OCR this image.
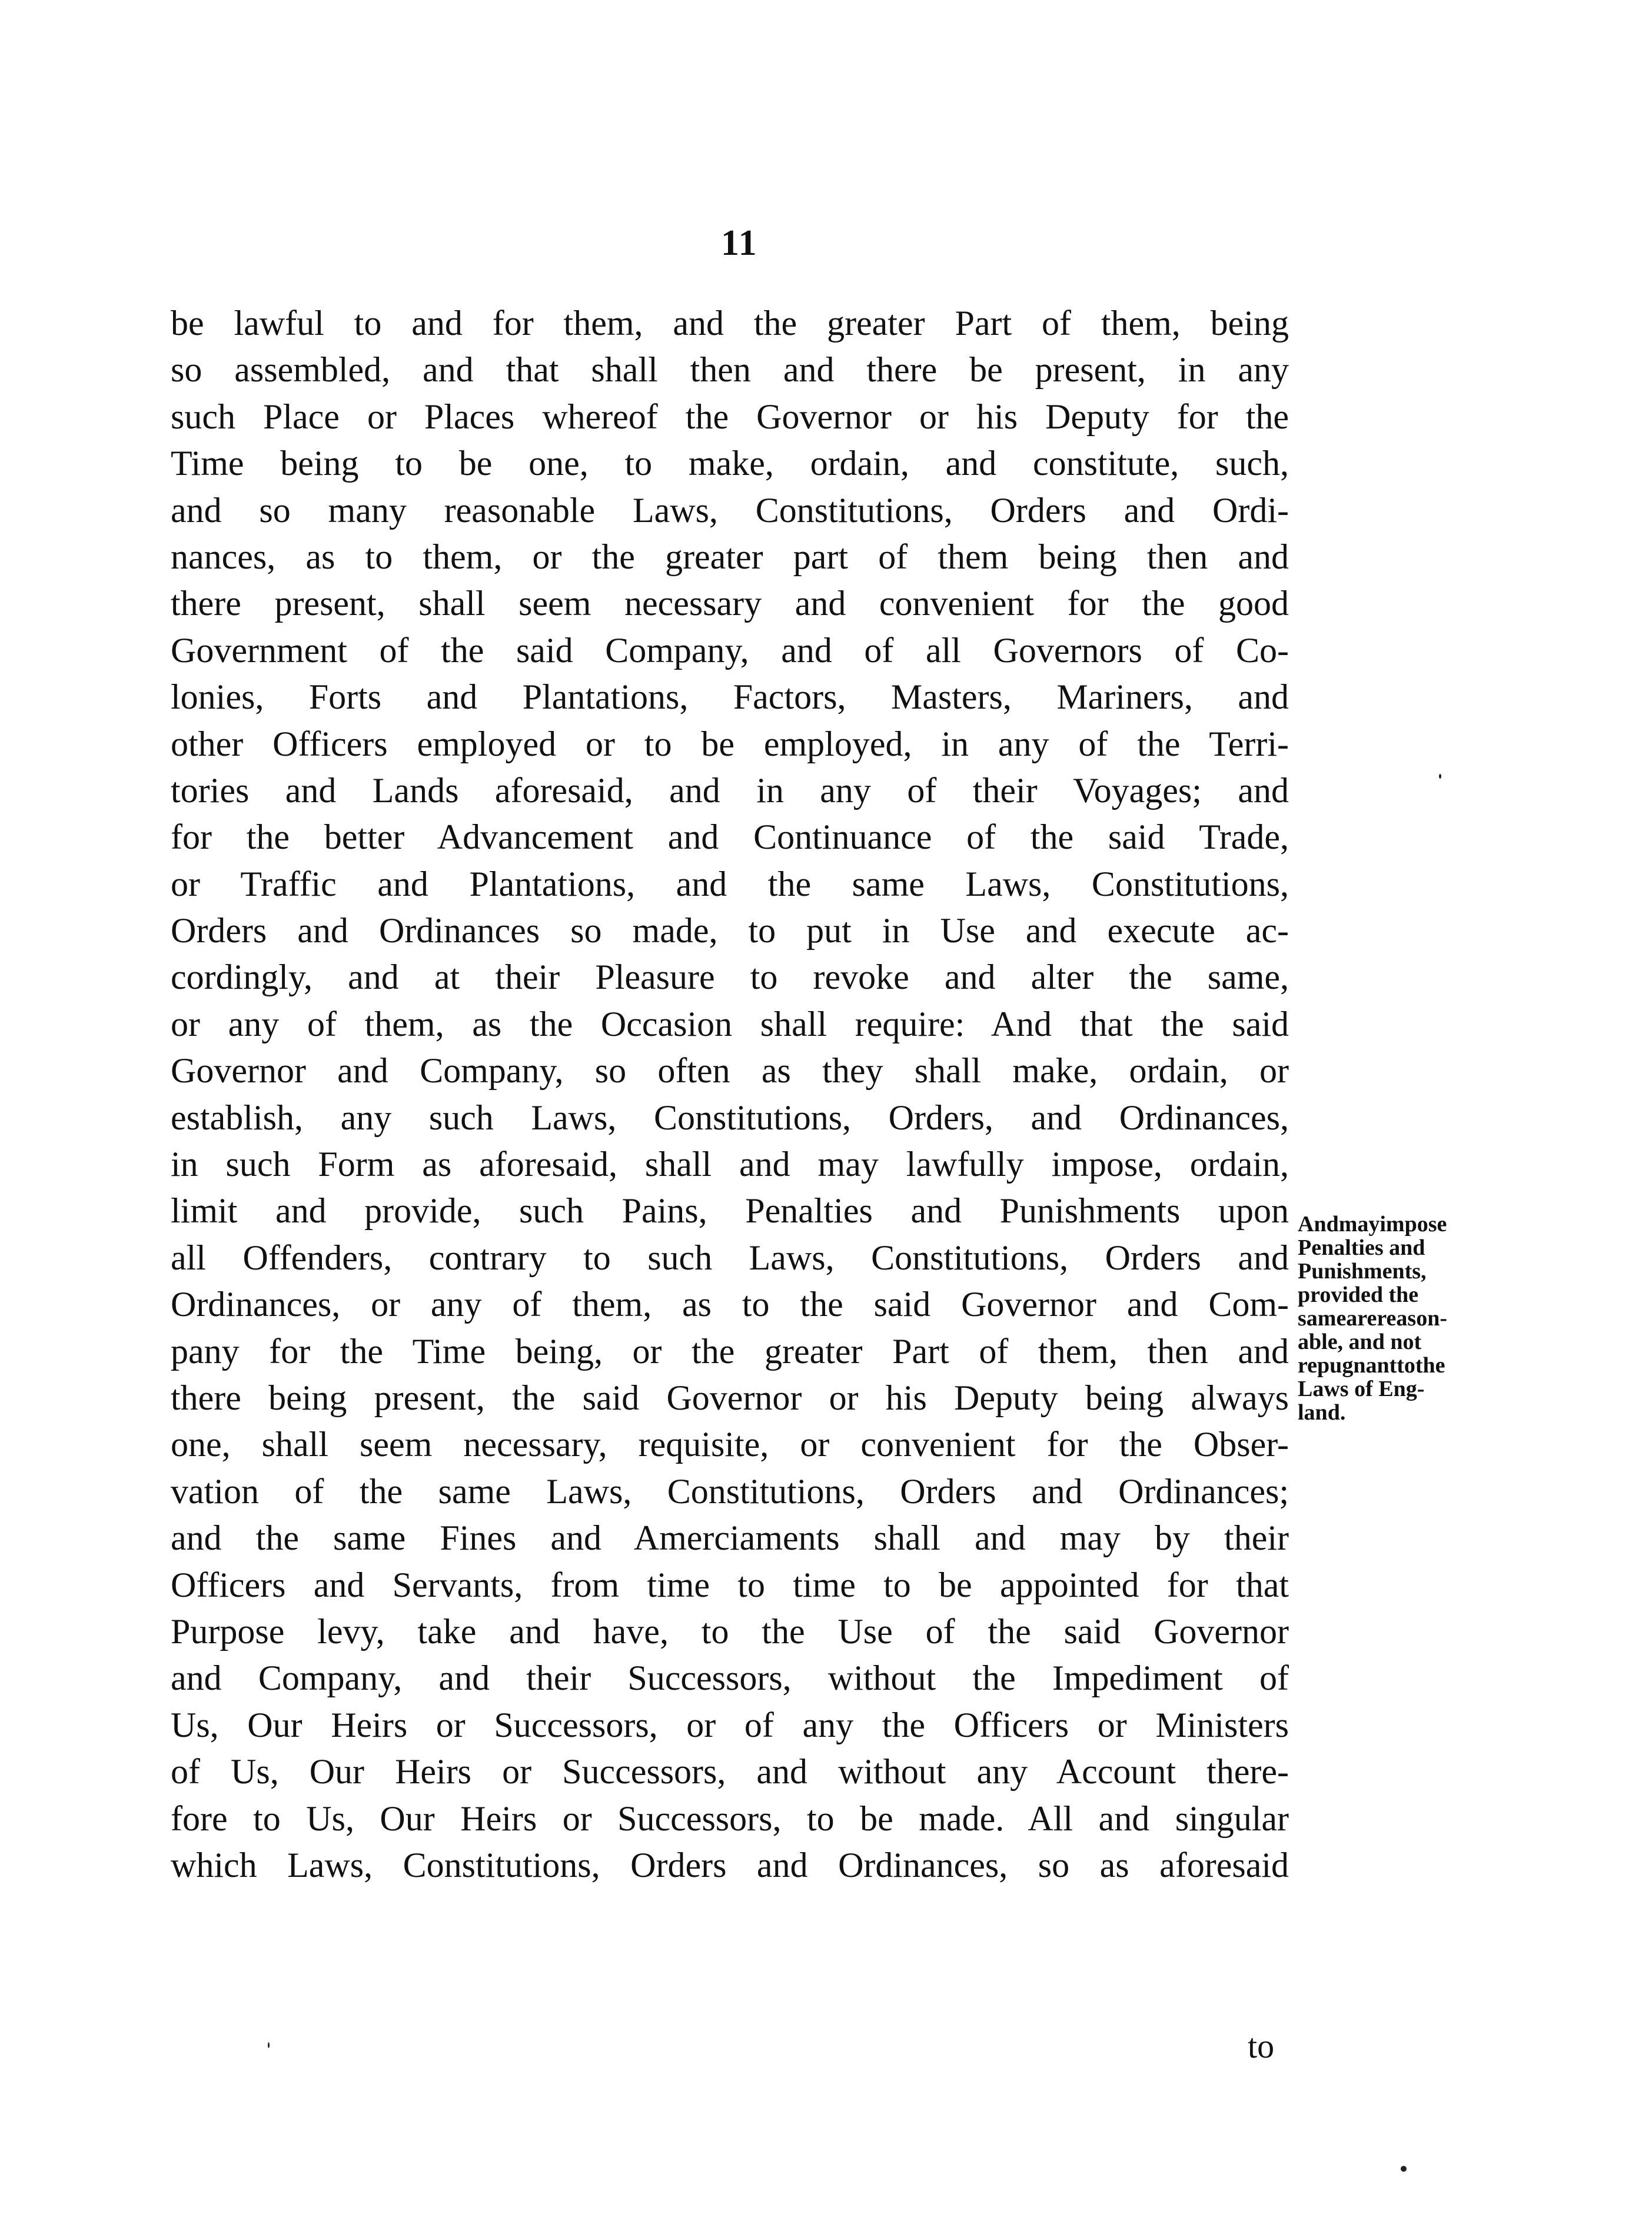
11
be lawful to and for them, and the greater Part of them, being
so assembled, and that shall then and there be present, in any
such Place or Places whereof the Governor or his Deputy for the
Time being to be one, to make, ordain, and constitute, such,
and so many reasonable Laws, Constitutions, Orders and Ordi-
nances, as to them, or the greater part of them being then and
there present, shall seem necessary and convenient for the good
Government of the said Company, and of all Governors of Co-
lonies, Forts and Plantations, Factors, Masters, Mariners, and
other Officers employed or to be employed, in any of the Terri-
tories and Lands aforesaid, and in any of their Voyages; and
for the better Advancement and Continuance of the said Trade,
or Traffic and Plantations, and the same Laws, Constitutions,
Orders and Ordinances so made, to put in Use and execute ac-
cordingly, and at their Pleasure to revoke and alter the same,
or any of them, as the Occasion shall require: And that the said
Governor and Company, so often as they shall make, ordain, or
establish, any such Laws, Constitutions, Orders, and Ordinances,
in such Form as aforesaid, shall and may lawfully impose, ordain,
limit and provide, such Pains, Penalties and Punishments upon
all Offenders, contrary to such Laws, Constitutions, Orders and
Ordinances, or any of them, as to the said Governor and Com-
pany for the Time being, or the greater Part of them, then and
there being present, the said Governor or his Deputy being always
one, shall seem necessary, requisite, or convenient for the Obser-
vation of the same Laws, Constitutions, Orders and Ordinances;
and the same Fines and Amerciaments shall and may by their
Officers and Servants, from time to time to be appointed for that
Purpose levy, take and have, to the Use of the said Governor
and Company, and their Successors, without the Impediment of
Us, Our Heirs or Successors, or of any the Officers or Ministers
of Us, Our Heirs or Successors, and without any Account there-
fore to Us, Our Heirs or Successors, to be made. All and singular
which Laws, Constitutions, Orders and Ordinances, so as aforesaid
to
Andmayimpose
Penalties and
Punishments,
provided the
samearereason-
able, and not
repugnanttothe
Laws of Eng-
land.
